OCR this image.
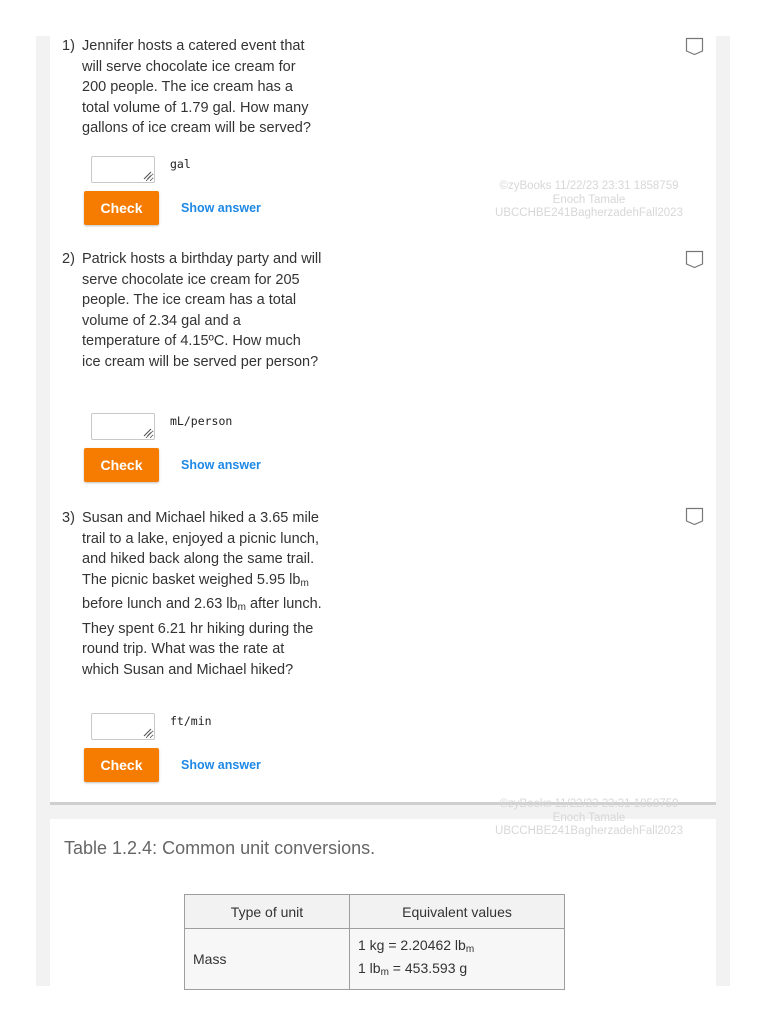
1) Jennifer hosts a catered event that will serve chocolate ice cream for 200 people. The ice cream has a total volume of 1.79 gal. How many gallons of ice cream will be served?
gal
Check	Show answer
©zyBooks 11/22/23 23:31 1858759
Enoch Tamale
UBCCHBE241BagherzadehFall2023
2) Patrick hosts a birthday party and will serve chocolate ice cream for 205 people. The ice cream has a total volume of 2.34 gal and a temperature of 4.15ºC. How much ice cream will be served per person?
mL/person
Check	Show answer
3) Susan and Michael hiked a 3.65 mile trail to a lake, enjoyed a picnic lunch, and hiked back along the same trail. The picnic basket weighed 5.95 $lb_m$ before lunch and 2.63 $lb_m$ after lunch. They spent 6.21 hr hiking during the round trip. What was the rate at which Susan and Michael hiked?
ft/min
Check	Show answer
©zyBooks 11/22/23 23:31 1858759
Enoch Tamale
UBCCHBE241BagherzadehFall2023
Table 1.2.4: Common unit conversions.
Type of unit	Equivalent values
Mass	1 kg = 2.20462 $lb_m$
1 $lb_m = 453.593$ g
